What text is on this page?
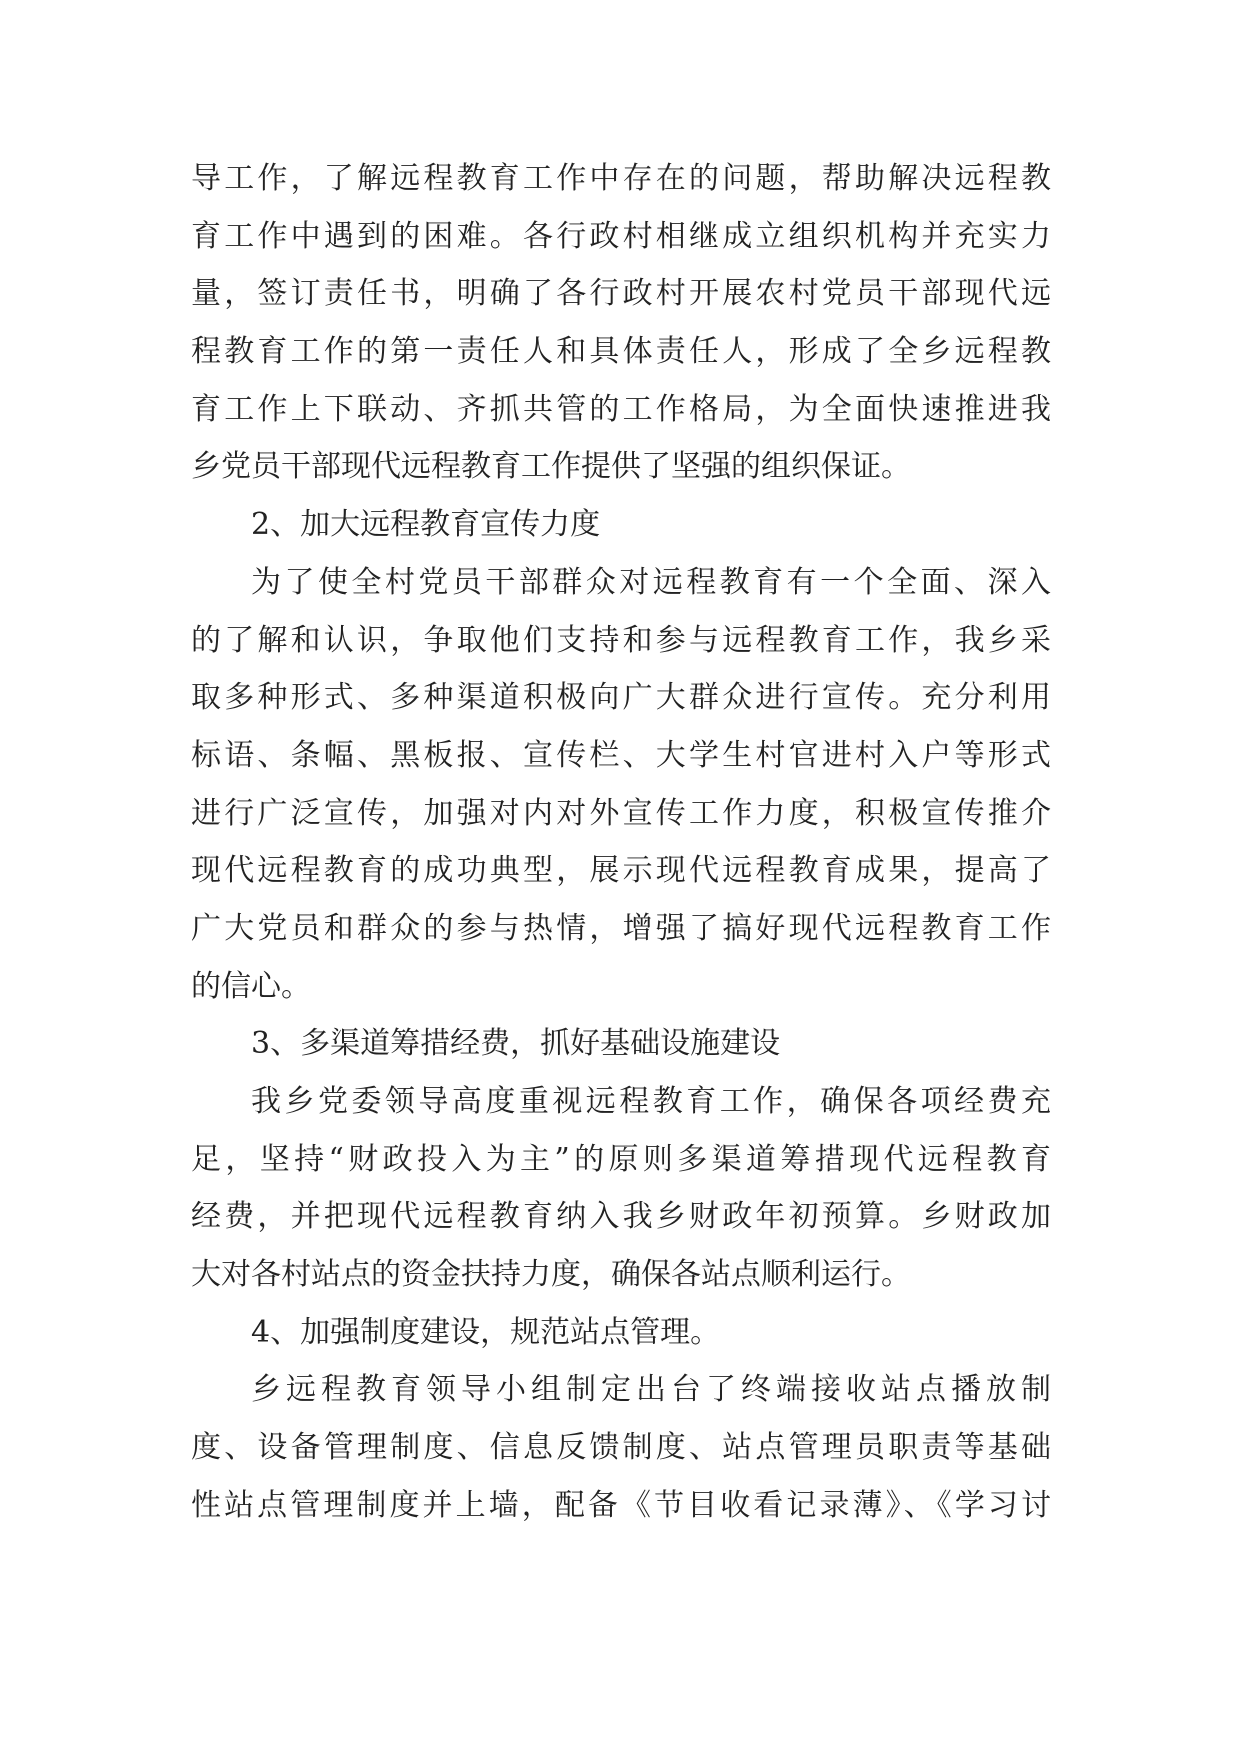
导工作，了解远程教育工作中存在的问题，帮助解决远程教
育工作中遇到的困难。各行政村相继成立组织机构并充实力
量，签订责任书，明确了各行政村开展农村党员干部现代远
程教育工作的第一责任人和具体责任人，形成了全乡远程教
育工作上下联动、齐抓共管的工作格局，为全面快速推进我
乡党员干部现代远程教育工作提供了坚强的组织保证。
2、加大远程教育宣传力度
为了使全村党员干部群众对远程教育有一个全面、深入
的了解和认识，争取他们支持和参与远程教育工作，我乡采
取多种形式、多种渠道积极向广大群众进行宣传。充分利用
标语、条幅、黑板报、宣传栏、大学生村官进村入户等形式
进行广泛宣传，加强对内对外宣传工作力度，积极宣传推介
现代远程教育的成功典型，展示现代远程教育成果，提高了
广大党员和群众的参与热情，增强了搞好现代远程教育工作
的信心。
3、多渠道筹措经费，抓好基础设施建设
我乡党委领导高度重视远程教育工作，确保各项经费充
足，坚持“财政投入为主”的原则多渠道筹措现代远程教育
经费，并把现代远程教育纳入我乡财政年初预算。乡财政加
大对各村站点的资金扶持力度，确保各站点顺利运行。
4、加强制度建设，规范站点管理。
乡远程教育领导小组制定出台了终端接收站点播放制
度、设备管理制度、信息反馈制度、站点管理员职责等基础
性站点管理制度并上墙，配备《节目收看记录薄》、《学习讨
